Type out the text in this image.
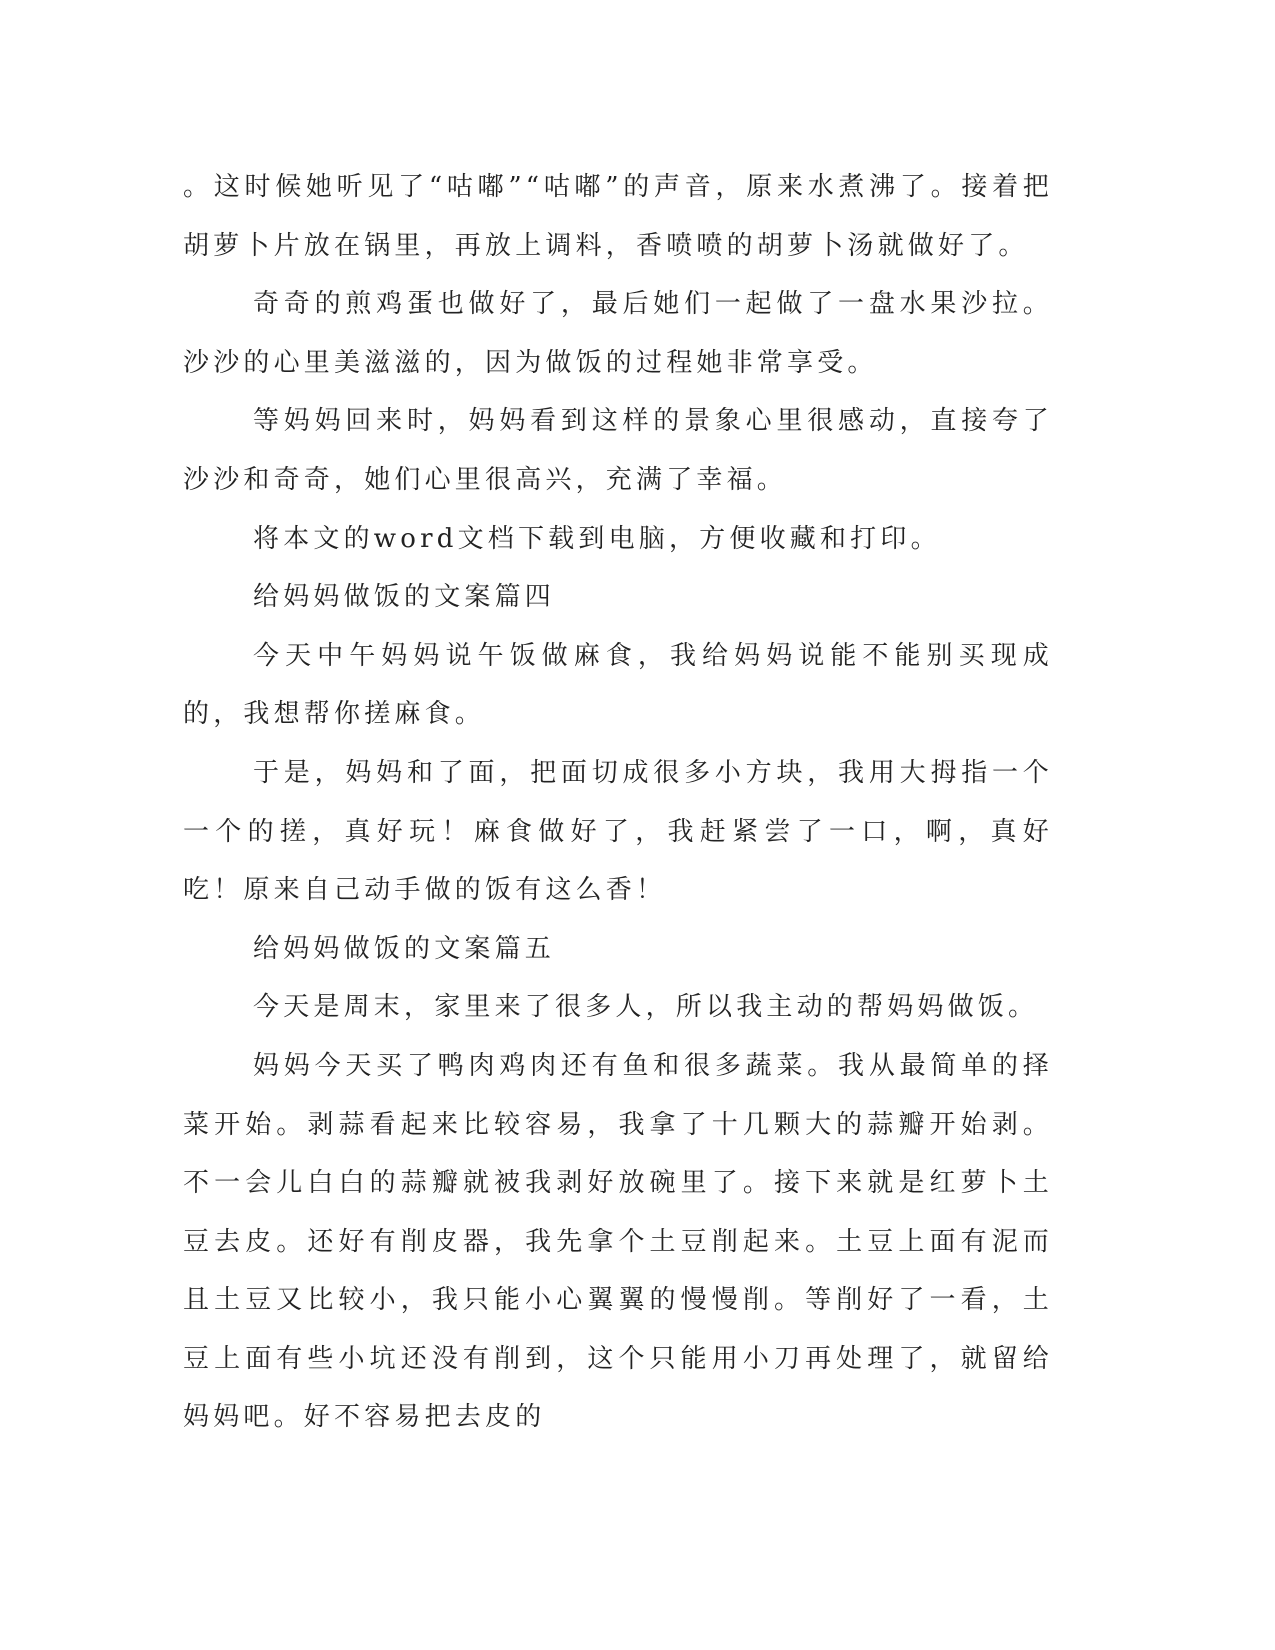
。这时候她听见了“咕嘟”“咕嘟”的声音，原来水煮沸了。接着把胡萝卜片放在锅里，再放上调料，香喷喷的胡萝卜汤就做好了。

奇奇的煎鸡蛋也做好了，最后她们一起做了一盘水果沙拉。沙沙的心里美滋滋的，因为做饭的过程她非常享受。

等妈妈回来时，妈妈看到这样的景象心里很感动，直接夸了沙沙和奇奇，她们心里很高兴，充满了幸福。

将本文的word文档下载到电脑，方便收藏和打印。

给妈妈做饭的文案篇四

今天中午妈妈说午饭做麻食，我给妈妈说能不能别买现成的，我想帮你搓麻食。

于是，妈妈和了面，把面切成很多小方块，我用大拇指一个一个的搓，真好玩！麻食做好了，我赶紧尝了一口，啊，真好吃！原来自己动手做的饭有这么香！

给妈妈做饭的文案篇五

今天是周末，家里来了很多人，所以我主动的帮妈妈做饭。

妈妈今天买了鸭肉鸡肉还有鱼和很多蔬菜。我从最简单的择菜开始。剥蒜看起来比较容易，我拿了十几颗大的蒜瓣开始剥。不一会儿白白的蒜瓣就被我剥好放碗里了。接下来就是红萝卜土豆去皮。还好有削皮器，我先拿个土豆削起来。土豆上面有泥而且土豆又比较小，我只能小心翼翼的慢慢削。等削好了一看，土豆上面有些小坑还没有削到，这个只能用小刀再处理了，就留给妈妈吧。好不容易把去皮的
